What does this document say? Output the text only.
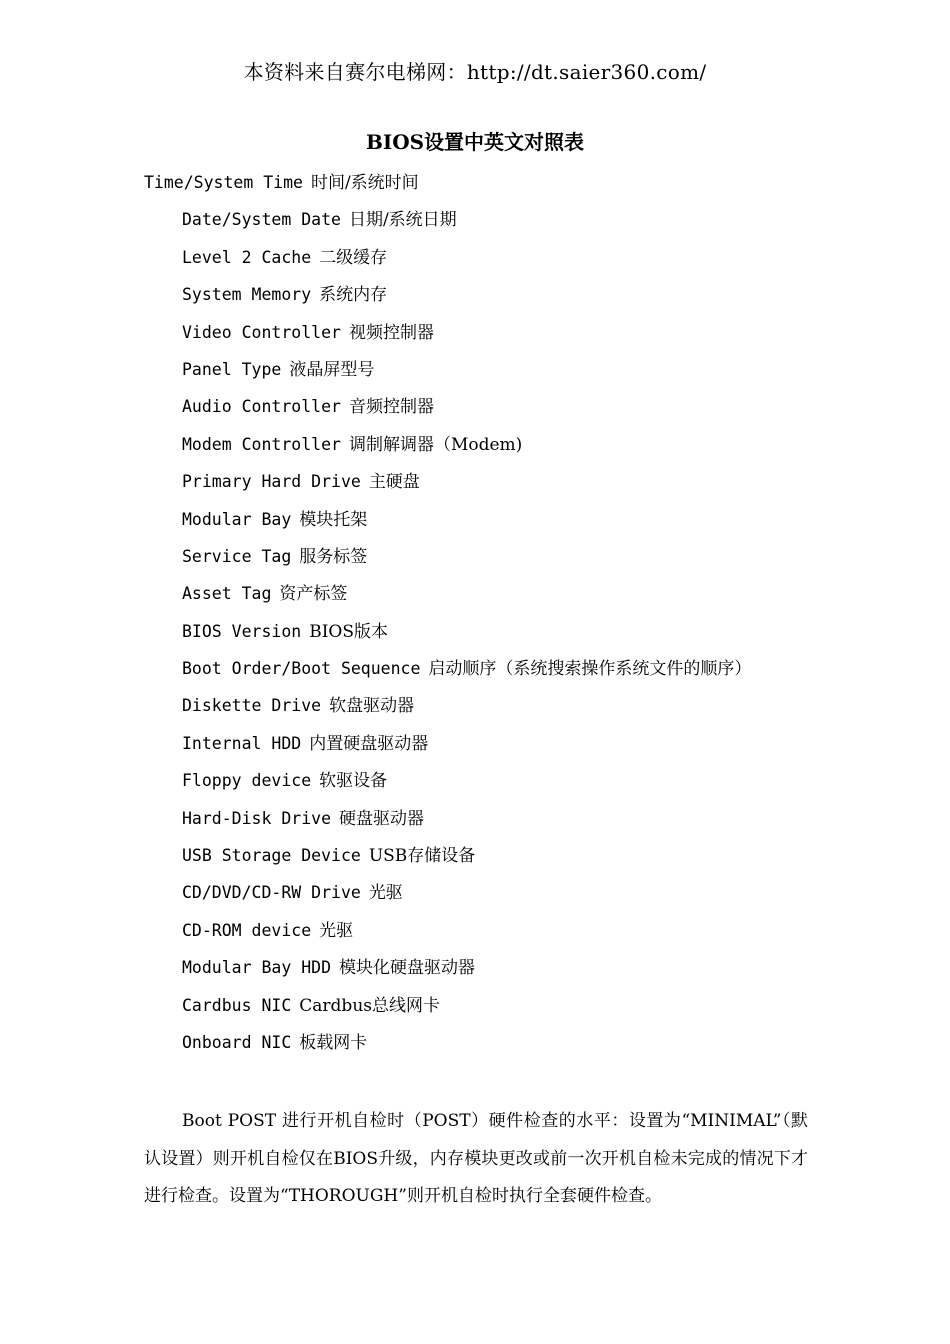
本资料来自赛尔电梯网：http://dt.saier360.com/
BIOS设置中英文对照表
Time/System Time 时间/系统时间
Date/System Date 日期/系统日期
Level 2 Cache 二级缓存
System Memory 系统内存
Video Controller 视频控制器
Panel Type 液晶屏型号
Audio Controller 音频控制器
Modem Controller 调制解调器（Modem)
Primary Hard Drive 主硬盘
Modular Bay 模块托架
Service Tag 服务标签
Asset Tag 资产标签
BIOS Version BIOS版本
Boot Order/Boot Sequence 启动顺序（系统搜索操作系统文件的顺序）
Diskette Drive 软盘驱动器
Internal HDD 内置硬盘驱动器
Floppy device 软驱设备
Hard-Disk Drive 硬盘驱动器
USB Storage Device USB存储设备
CD/DVD/CD-RW Drive 光驱
CD-ROM device 光驱
Modular Bay HDD 模块化硬盘驱动器
Cardbus NIC Cardbus总线网卡
Onboard NIC 板载网卡

Boot POST 进行开机自检时（POST）硬件检查的水平：设置为“MINIMAL”（默认设置）则开机自检仅在BIOS升级，内存模块更改或前一次开机自检未完成的情况下才进行检查。设置为“THOROUGH”则开机自检时执行全套硬件检查。
